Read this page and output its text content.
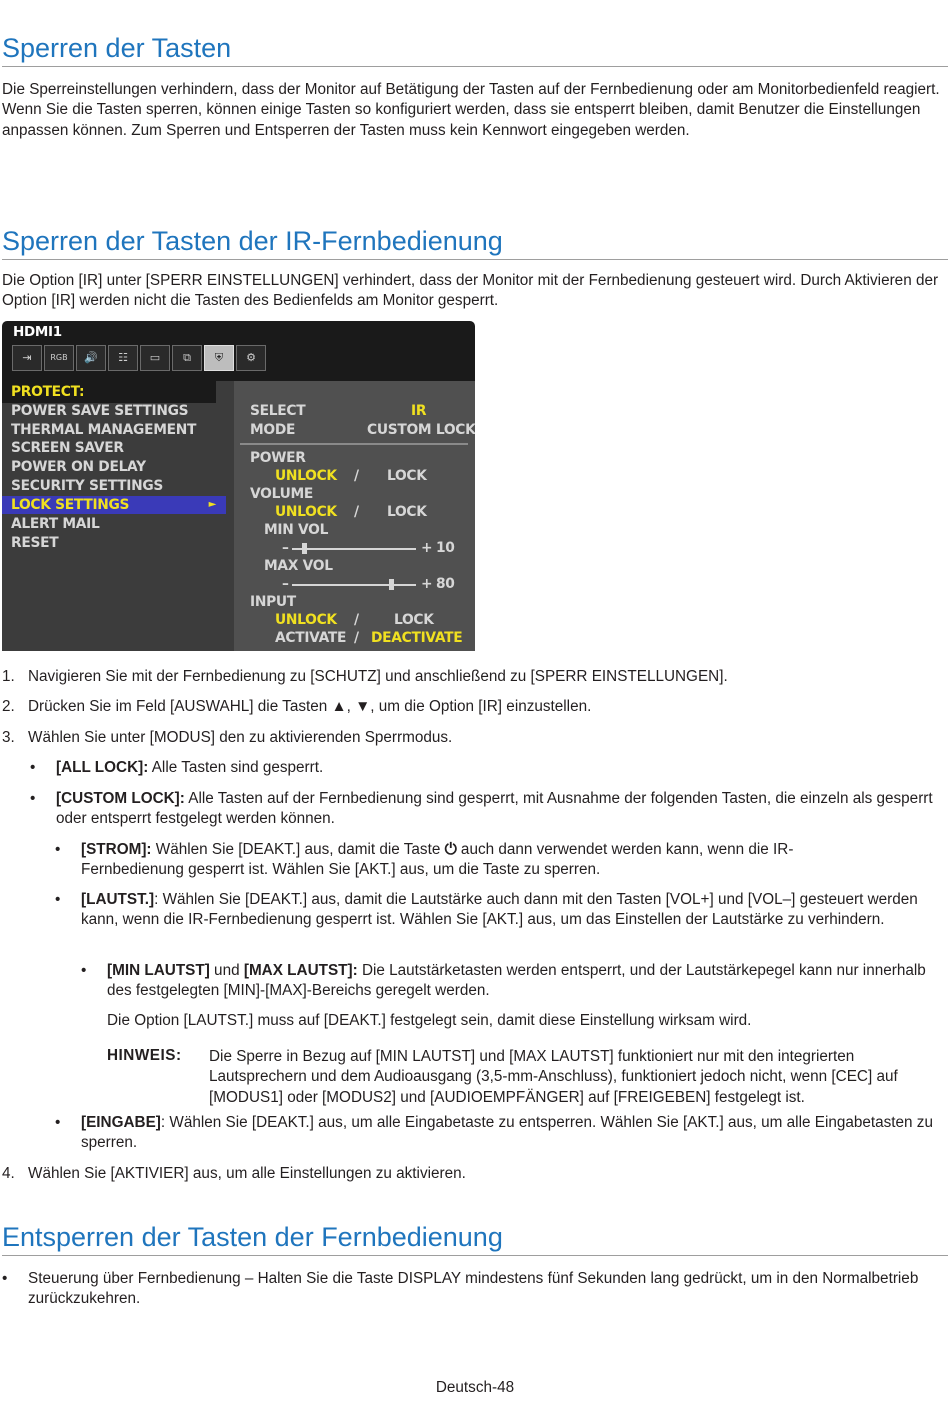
Sperren der Tasten

Die Sperreinstellungen verhindern, dass der Monitor auf Betätigung der Tasten auf der Fernbedienung oder am Monitorbedienfeld reagiert. Wenn Sie die Tasten sperren, können einige Tasten so konfiguriert werden, dass sie entsperrt bleiben, damit Benutzer die Einstellungen anpassen können. Zum Sperren und Entsperren der Tasten muss kein Kennwort eingegeben werden.

Sperren der Tasten der IR-Fernbedienung

Die Option [IR] unter [SPERR EINSTELLUNGEN] verhindert, dass der Monitor mit der Fernbedienung gesteuert wird. Durch Aktivieren der Option [IR] werden nicht die Tasten des Bedienfelds am Monitor gesperrt.

HDMI1
⇥	RGB	🔊	☷	▭	⧉	⛨	⚙
PROTECT:
POWER SAVE SETTINGS
THERMAL MANAGEMENT
SCREEN SAVER
POWER ON DELAY
SECURITY SETTINGS
LOCK SETTINGS	►
ALERT MAIL
RESET
SELECT	IR
MODE	CUSTOM LOCK
POWER
UNLOCK / LOCK
VOLUME
UNLOCK / LOCK
MIN VOL
–	+ 10
MAX VOL
–	+ 80
INPUT
UNLOCK /	LOCK
ACTIVATE / DEACTIVATE
1. Navigieren Sie mit der Fernbedienung zu [SCHUTZ] und anschließend zu [SPERR EINSTELLUNGEN].
2. Drücken Sie im Feld [AUSWAHL] die Tasten ▲, ▼, um die Option [IR] einzustellen.
3. Wählen Sie unter [MODUS] den zu aktivierenden Sperrmodus.
• [ALL LOCK]: Alle Tasten sind gesperrt.
• [CUSTOM LOCK]: Alle Tasten auf der Fernbedienung sind gesperrt, mit Ausnahme der folgenden Tasten, die einzeln als gesperrt oder entsperrt festgelegt werden können.
• [STROM]: Wählen Sie [DEAKT.] aus, damit die Taste ⏻ auch dann verwendet werden kann, wenn die IR-Fernbedienung gesperrt ist. Wählen Sie [AKT.] aus, um die Taste zu sperren.
• [LAUTST.]: Wählen Sie [DEAKT.] aus, damit die Lautstärke auch dann mit den Tasten [VOL+] und [VOL–] gesteuert werden kann, wenn die IR-Fernbedienung gesperrt ist. Wählen Sie [AKT.] aus, um das Einstellen der Lautstärke zu verhindern.
• [MIN LAUTST] und [MAX LAUTST]: Die Lautstärketasten werden entsperrt, und der Lautstärkepegel kann nur innerhalb des festgelegten [MIN]-[MAX]-Bereichs geregelt werden.
Die Option [LAUTST.] muss auf [DEAKT.] festgelegt sein, damit diese Einstellung wirksam wird.
HINWEIS: Die Sperre in Bezug auf [MIN LAUTST] und [MAX LAUTST] funktioniert nur mit den integrierten Lautsprechern und dem Audioausgang (3,5-mm-Anschluss), funktioniert jedoch nicht, wenn [CEC] auf [MODUS1] oder [MODUS2] und [AUDIOEMPFÄNGER] auf [FREIGEBEN] festgelegt ist.
• [EINGABE]: Wählen Sie [DEAKT.] aus, um alle Eingabetaste zu entsperren. Wählen Sie [AKT.] aus, um alle Eingabetasten zu sperren.
4. Wählen Sie [AKTIVIER] aus, um alle Einstellungen zu aktivieren.
Entsperren der Tasten der Fernbedienung
• Steuerung über Fernbedienung – Halten Sie die Taste DISPLAY mindestens fünf Sekunden lang gedrückt, um in den Normalbetrieb zurückzukehren.
Deutsch-48
